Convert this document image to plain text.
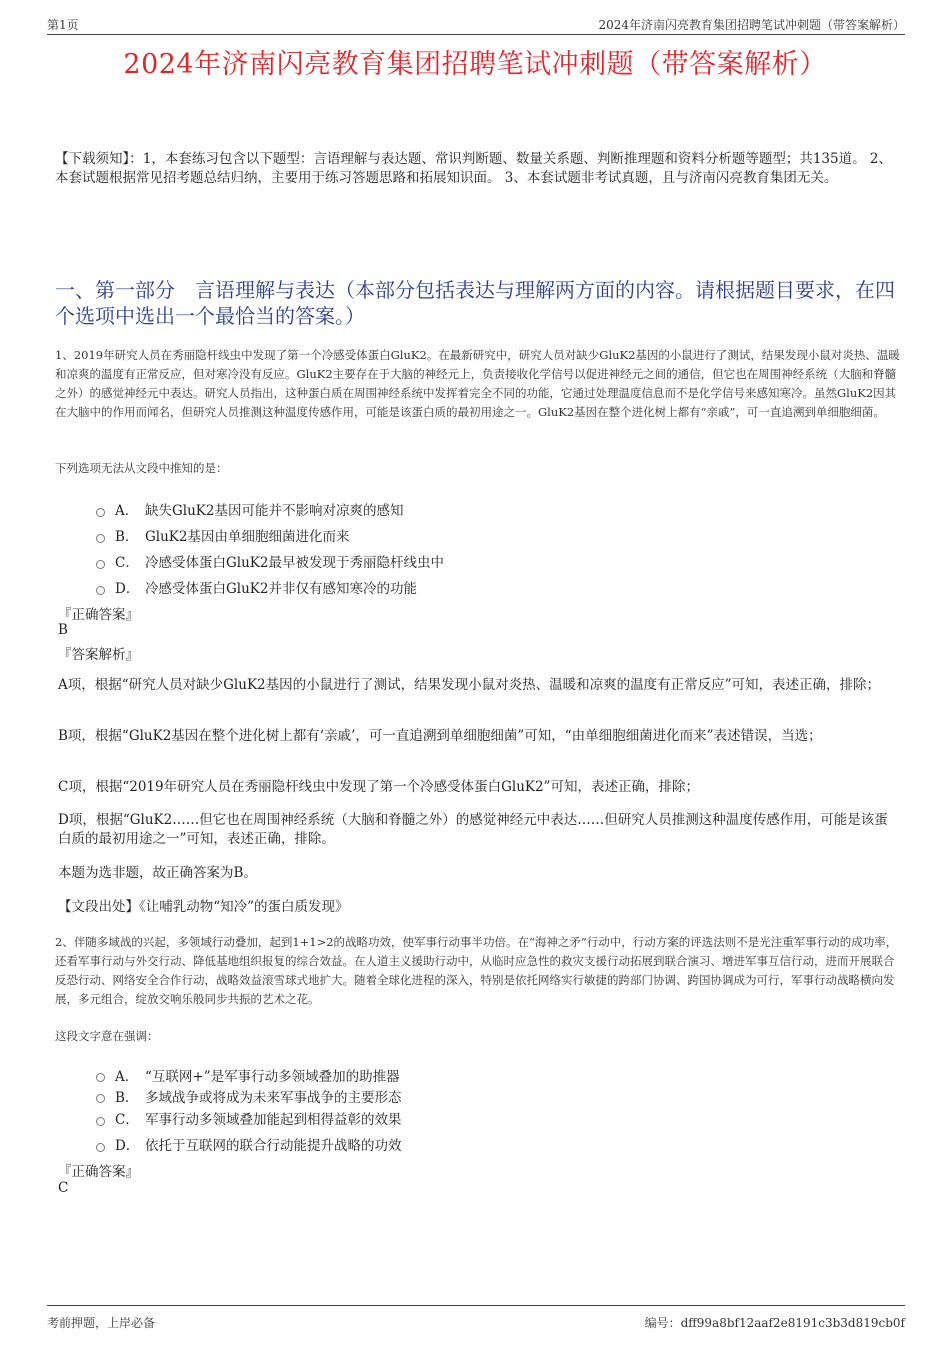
第1页	2024年济南闪亮教育集团招聘笔试冲刺题（带答案解析）
2024年济南闪亮教育集团招聘笔试冲刺题（带答案解析）
【下载须知】：1，本套练习包含以下题型：言语理解与表达题、常识判断题、数量关系题、判断推理题和资料分析题等题型；共135道。 2、本套试题根据常见招考题总结归纳，主要用于练习答题思路和拓展知识面。 3、本套试题非考试真题，且与济南闪亮教育集团无关。
一、第一部分　言语理解与表达（本部分包括表达与理解两方面的内容。请根据题目要求，在四个选项中选出一个最恰当的答案。）

1、2019年研究人员在秀丽隐杆线虫中发现了第一个冷感受体蛋白GluK2。在最新研究中，研究人员对缺少GluK2基因的小鼠进行了测试，结果发现小鼠对炎热、温暖和凉爽的温度有正常反应，但对寒冷没有反应。GluK2主要存在于大脑的神经元上，负责接收化学信号以促进神经元之间的通信，但它也在周围神经系统（大脑和脊髓之外）的感觉神经元中表达。研究人员指出，这种蛋白质在周围神经系统中发挥着完全不同的功能，它通过处理温度信息而不是化学信号来感知寒冷。虽然GluK2因其在大脑中的作用而闻名，但研究人员推测这种温度传感作用，可能是该蛋白质的最初用途之一。GluK2基因在整个进化树上都有“亲戚”，可一直追溯到单细胞细菌。

下列选项无法从文段中推知的是：
A． 缺失GluK2基因可能并不影响对凉爽的感知
B． GluK2基因由单细胞细菌进化而来
C． 冷感受体蛋白GluK2最早被发现于秀丽隐杆线虫中
D． 冷感受体蛋白GluK2并非仅有感知寒冷的功能
『正确答案』
B
『答案解析』
A项，根据“研究人员对缺少GluK2基因的小鼠进行了测试，结果发现小鼠对炎热、温暖和凉爽的温度有正常反应”可知，表述正确，排除；
B项，根据“GluK2基因在整个进化树上都有‘亲戚’，可一直追溯到单细胞细菌”可知，“由单细胞细菌进化而来”表述错误，当选；
C项，根据“2019年研究人员在秀丽隐杆线虫中发现了第一个冷感受体蛋白GluK2”可知，表述正确，排除；
D项，根据“GluK2……但它也在周围神经系统（大脑和脊髓之外）的感觉神经元中表达……但研究人员推测这种温度传感作用，可能是该蛋白质的最初用途之一”可知，表述正确，排除。
本题为选非题，故正确答案为B。
【文段出处】《让哺乳动物“知冷”的蛋白质发现》

2、伴随多域战的兴起，多领域行动叠加，起到1+1>2的战略功效，使军事行动事半功倍。在“海神之矛”行动中，行动方案的评选法则不是光注重军事行动的成功率，还看军事行动与外交行动、降低基地组织报复的综合效益。在人道主义援助行动中，从临时应急性的救灾支援行动拓展到联合演习、增进军事互信行动，进而开展联合反恐行动、网络安全合作行动，战略效益滚雪球式地扩大。随着全球化进程的深入，特别是依托网络实行敏捷的跨部门协调、跨国协调成为可行，军事行动战略横向发展，多元组合，绽放交响乐般同步共振的艺术之花。

这段文字意在强调：
A． “互联网+”是军事行动多领域叠加的助推器
B． 多域战争或将成为未来军事战争的主要形态
C． 军事行动多领域叠加能起到相得益彰的效果
D． 依托于互联网的联合行动能提升战略的功效
『正确答案』
C
考前押题，上岸必备	编号：dff99a8bf12aaf2e8191c3b3d819cb0f
